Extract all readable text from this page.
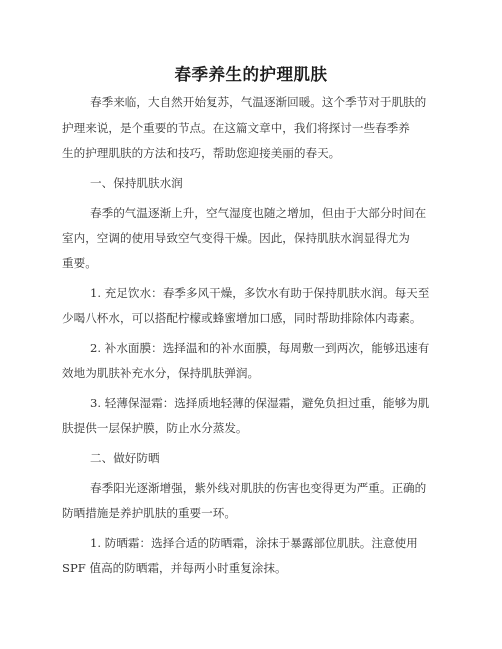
春季养生的护理肌肤
春季来临，大自然开始复苏，气温逐渐回暖。这个季节对于肌肤的
护理来说，是个重要的节点。在这篇文章中，我们将探讨一些春季养
生的护理肌肤的方法和技巧，帮助您迎接美丽的春天。
一、保持肌肤水润
春季的气温逐渐上升，空气湿度也随之增加，但由于大部分时间在
室内，空调的使用导致空气变得干燥。因此，保持肌肤水润显得尤为
重要。
1. 充足饮水：春季多风干燥，多饮水有助于保持肌肤水润。每天至
少喝八杯水，可以搭配柠檬或蜂蜜增加口感，同时帮助排除体内毒素。
2. 补水面膜：选择温和的补水面膜，每周敷一到两次，能够迅速有
效地为肌肤补充水分，保持肌肤弹润。
3. 轻薄保湿霜：选择质地轻薄的保湿霜，避免负担过重，能够为肌
肤提供一层保护膜，防止水分蒸发。
二、做好防晒
春季阳光逐渐增强，紫外线对肌肤的伤害也变得更为严重。正确的
防晒措施是养护肌肤的重要一环。
1. 防晒霜：选择合适的防晒霜，涂抹于暴露部位肌肤。注意使用
SPF 值高的防晒霜，并每两小时重复涂抹。
